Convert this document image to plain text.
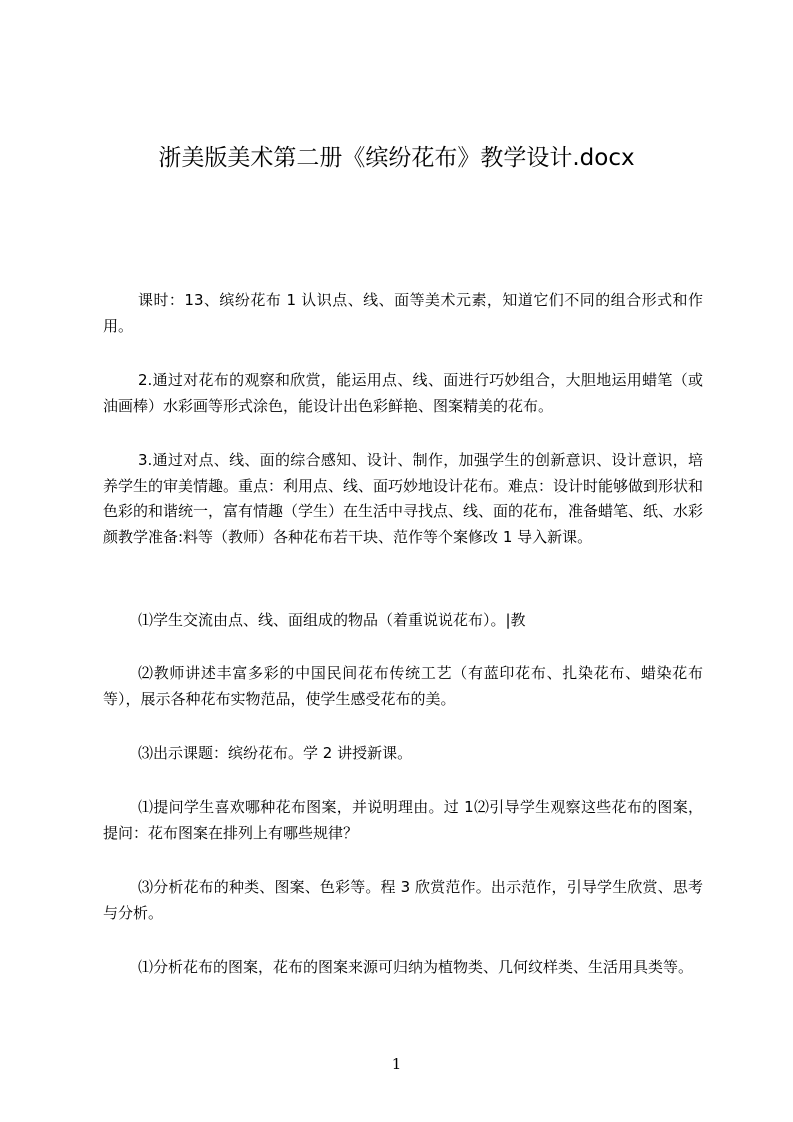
浙美版美术第二册《缤纷花布》教学设计.docx

课时：13、缤纷花布 1 认识点、线、面等美术元素，知道它们不同的组合形式和作用。

2.通过对花布的观察和欣赏，能运用点、线、面进行巧妙组合，大胆地运用蜡笔（或油画棒）水彩画等形式涂色，能设计出色彩鲜艳、图案精美的花布。

3.通过对点、线、面的综合感知、设计、制作，加强学生的创新意识、设计意识，培养学生的审美情趣。重点：利用点、线、面巧妙地设计花布。难点：设计时能够做到形状和色彩的和谐统一，富有情趣（学生）在生活中寻找点、线、面的花布，准备蜡笔、纸、水彩颜教学准备:料等（教师）各种花布若干块、范作等个案修改 1 导入新课。

⑴学生交流由点、线、面组成的物品（着重说说花布）。|教

⑵教师讲述丰富多彩的中国民间花布传统工艺（有蓝印花布、扎染花布、蜡染花布等），展示各种花布实物范品，使学生感受花布的美。

⑶出示课题：缤纷花布。学 2 讲授新课。

⑴提问学生喜欢哪种花布图案，并说明理由。过 1⑵引导学生观察这些花布的图案，提问：花布图案在排列上有哪些规律？

⑶分析花布的种类、图案、色彩等。程 3 欣赏范作。出示范作，引导学生欣赏、思考与分析。

⑴分析花布的图案，花布的图案来源可归纳为植物类、几何纹样类、生活用具类等。

1
